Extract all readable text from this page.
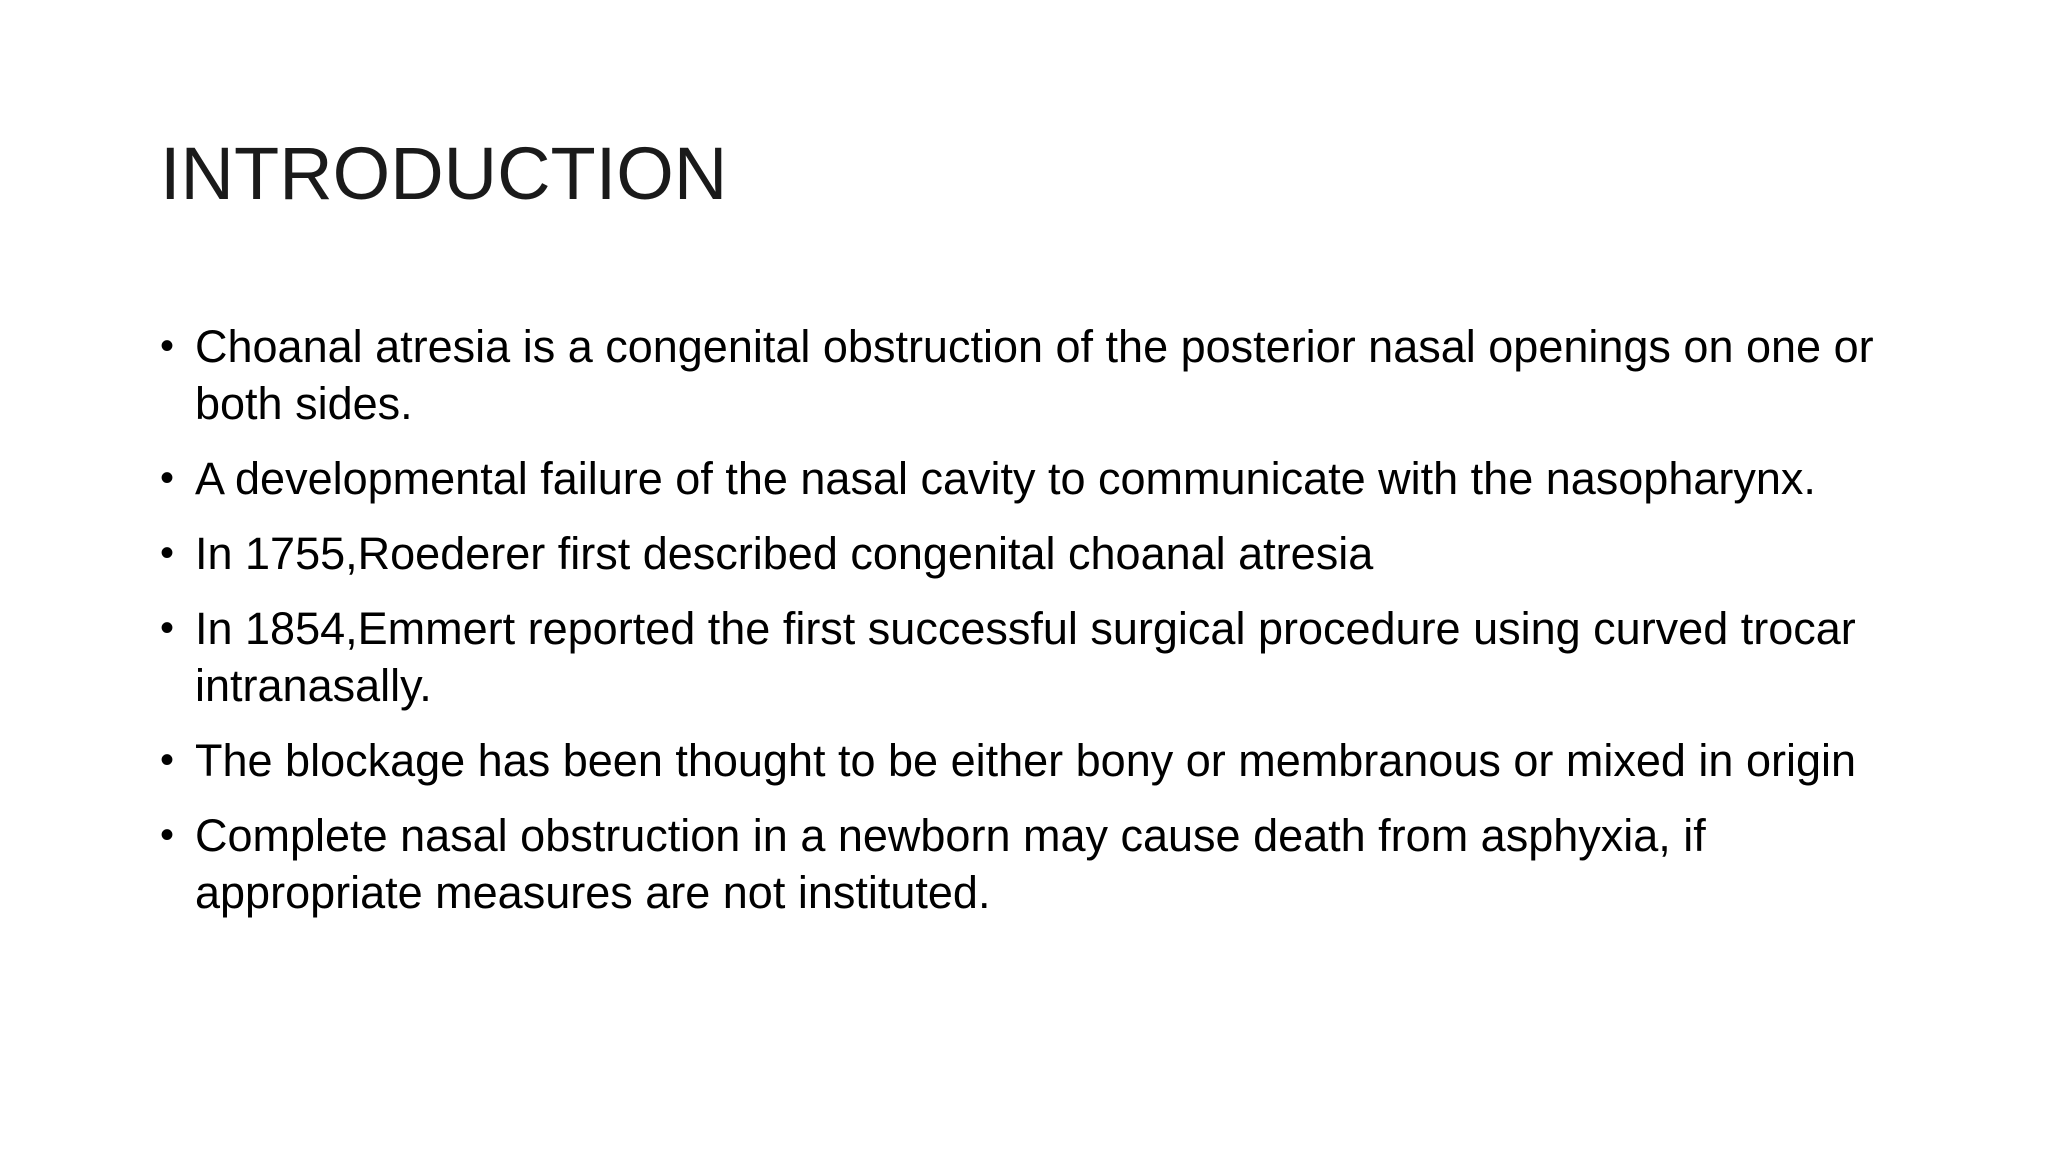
INTRODUCTION
• Choanal atresia is a congenital obstruction of the posterior nasal openings on one or both sides.
• A developmental failure of the nasal cavity to communicate with the nasopharynx.
• In 1755,Roederer first described congenital choanal atresia
• In 1854,Emmert reported the first successful surgical procedure using curved trocar intranasally.
• The blockage has been thought to be either bony or membranous or mixed in origin
• Complete nasal obstruction in a newborn may cause death from asphyxia, if appropriate measures are not instituted.
